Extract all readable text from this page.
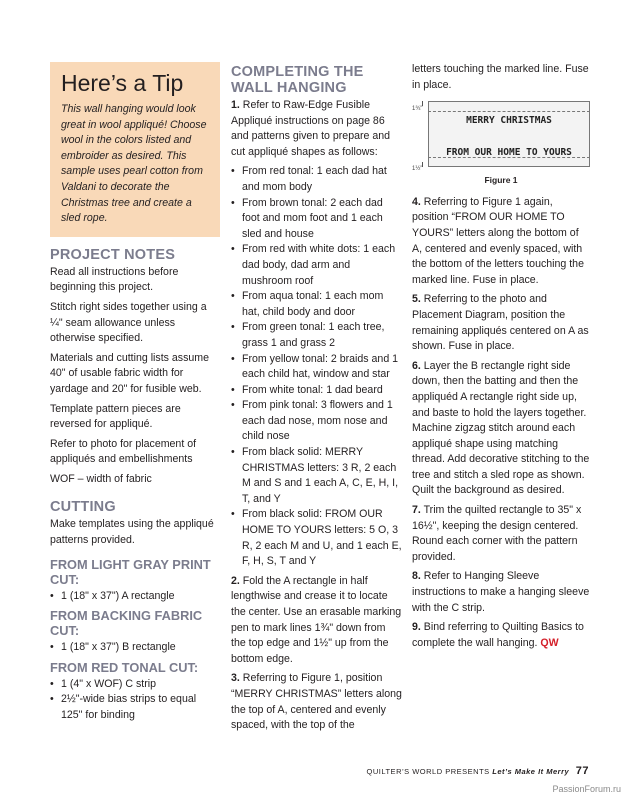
Here’s a Tip
This wall hanging would look great in wool appliqué! Choose wool in the colors listed and embroider as desired. This sample uses pearl cotton from Valdani to decorate the Christmas tree and create a sled rope.
PROJECT NOTES
Read all instructions before beginning this project.
Stitch right sides together using a ¼" seam allowance unless otherwise specified.
Materials and cutting lists assume 40" of usable fabric width for yardage and 20" for fusible web.
Template pattern pieces are reversed for appliqué.
Refer to photo for placement of appliqués and embellishments
WOF – width of fabric
CUTTING
Make templates using the appliqué patterns provided.
FROM LIGHT GRAY PRINT CUT:
• 1 (18" x 37") A rectangle
FROM BACKING FABRIC CUT:
• 1 (18" x 37") B rectangle
FROM RED TONAL CUT:
• 1 (4" x WOF) C strip
• 2½"-wide bias strips to equal 125" for binding
COMPLETING THE WALL HANGING
1. Refer to Raw-Edge Fusible Appliqué instructions on page 86 and patterns given to prepare and cut appliqué shapes as follows:
• From red tonal: 1 each dad hat and mom body
• From brown tonal: 2 each dad foot and mom foot and 1 each sled and house
• From red with white dots: 1 each dad body, dad arm and mushroom roof
• From aqua tonal: 1 each mom hat, child body and door
• From green tonal: 1 each tree, grass 1 and grass 2
• From yellow tonal: 2 braids and 1 each child hat, window and star
• From white tonal: 1 dad beard
• From pink tonal: 3 flowers and 1 each dad nose, mom nose and child nose
• From black solid: MERRY CHRISTMAS letters: 3 R, 2 each M and S and 1 each A, C, E, H, I, T, and Y
• From black solid: FROM OUR HOME TO YOURS letters: 5 O, 3 R, 2 each M and U, and 1 each E, F, H, S, T and Y
2. Fold the A rectangle in half lengthwise and crease it to locate the center. Use an erasable marking pen to mark lines 1¾" down from the top edge and 1½" up from the bottom edge.
3. Referring to Figure 1, position “MERRY CHRISTMAS” letters along the top of A, centered and evenly spaced, with the top of the
letters touching the marked line. Fuse in place.
1¾"
1½"
MERRY CHRISTMAS
FROM OUR HOME TO YOURS
Figure 1
4. Referring to Figure 1 again, position “FROM OUR HOME TO YOURS” letters along the bottom of A, centered and evenly spaced, with the bottom of the letters touching the marked line. Fuse in place.
5. Referring to the photo and Placement Diagram, position the remaining appliqués centered on A as shown. Fuse in place.
6. Layer the B rectangle right side down, then the batting and then the appliquéd A rectangle right side up, and baste to hold the layers together. Machine zigzag stitch around each appliqué shape using matching thread. Add decorative stitching to the tree and stitch a sled rope as shown. Quilt the background as desired.
7. Trim the quilted rectangle to 35" x 16½", keeping the design centered. Round each corner with the pattern provided.
8. Refer to Hanging Sleeve instructions to make a hanging sleeve with the C strip.
9. Bind referring to Quilting Basics to complete the wall hanging. QW
QUILTER’S WORLD PRESENTS Let’s Make It Merry 77
PassionForum.ru
